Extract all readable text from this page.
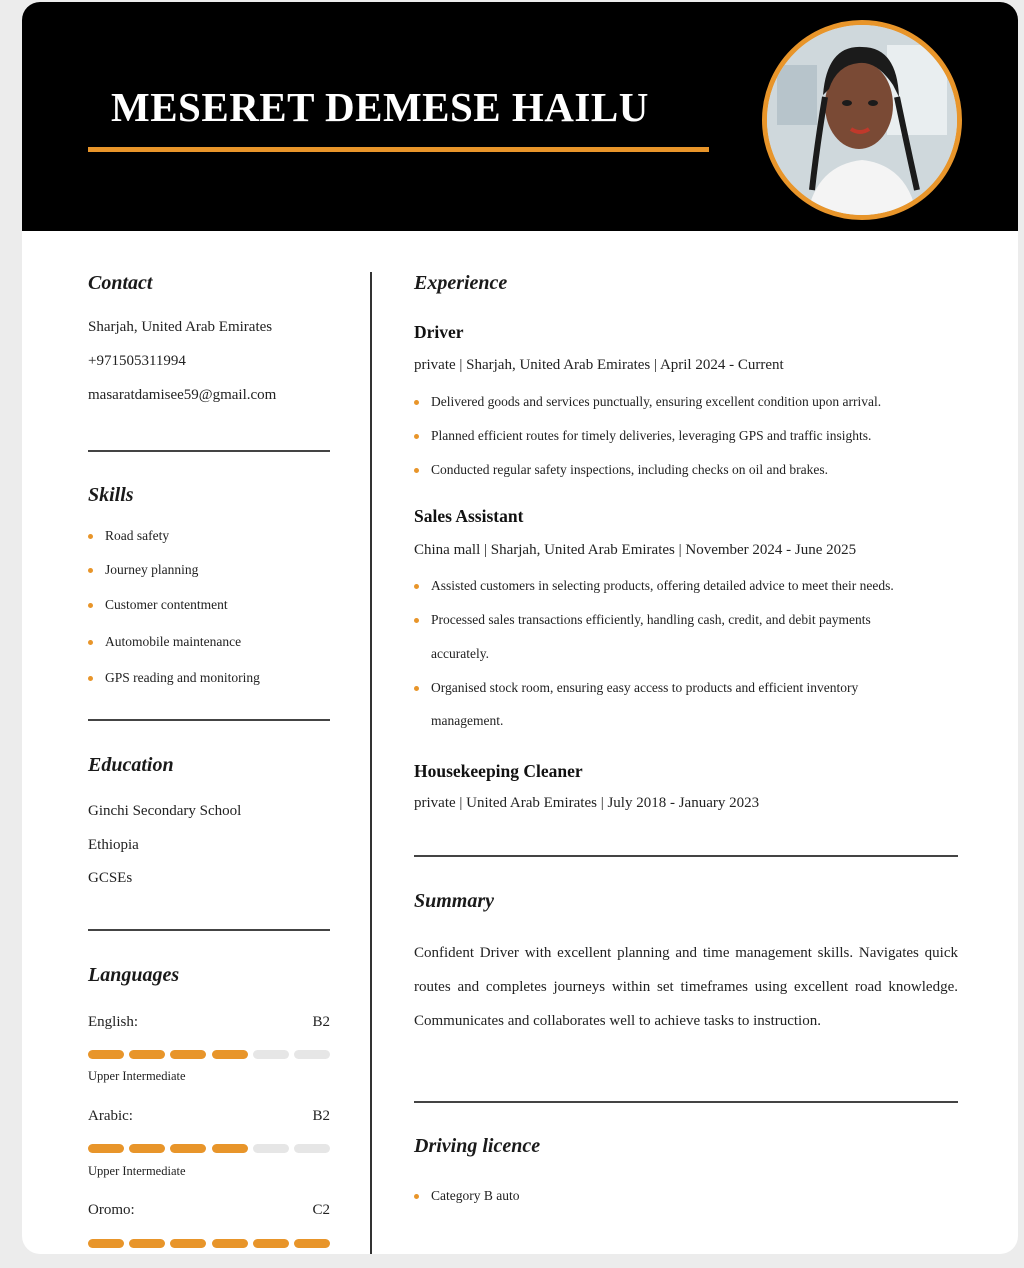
MESERET DEMESE HAILU
Contact

Sharjah, United Arab Emirates

+971505311994

masaratdamisee59@gmail.com

Skills
Road safety
Journey planning
Customer contentment
Automobile maintenance
GPS reading and monitoring
Education

Ginchi Secondary School

Ethiopia

GCSEs

Languages
English:	B2
Upper Intermediate
Arabic:	B2
Upper Intermediate
Oromo:	C2
Experience
Driver

private | Sharjah, United Arab Emirates | April 2024 - Current

Delivered goods and services punctually, ensuring excellent condition upon arrival.
Planned efficient routes for timely deliveries, leveraging GPS and traffic insights.
Conducted regular safety inspections, including checks on oil and brakes.
Sales Assistant

China mall | Sharjah, United Arab Emirates | November 2024 - June 2025

Assisted customers in selecting products, offering detailed advice to meet their needs.
Processed sales transactions efficiently, handling cash, credit, and debit payments
accurately.
Organised stock room, ensuring easy access to products and efficient inventory
management.
Housekeeping Cleaner

private | United Arab Emirates | July 2018 - January 2023

Summary

Confident Driver with excellent planning and time management skills. Navigates quick routes and completes journeys within set timeframes using excellent road knowledge. Communicates and collaborates well to achieve tasks to instruction.

Driving licence
Category B auto
